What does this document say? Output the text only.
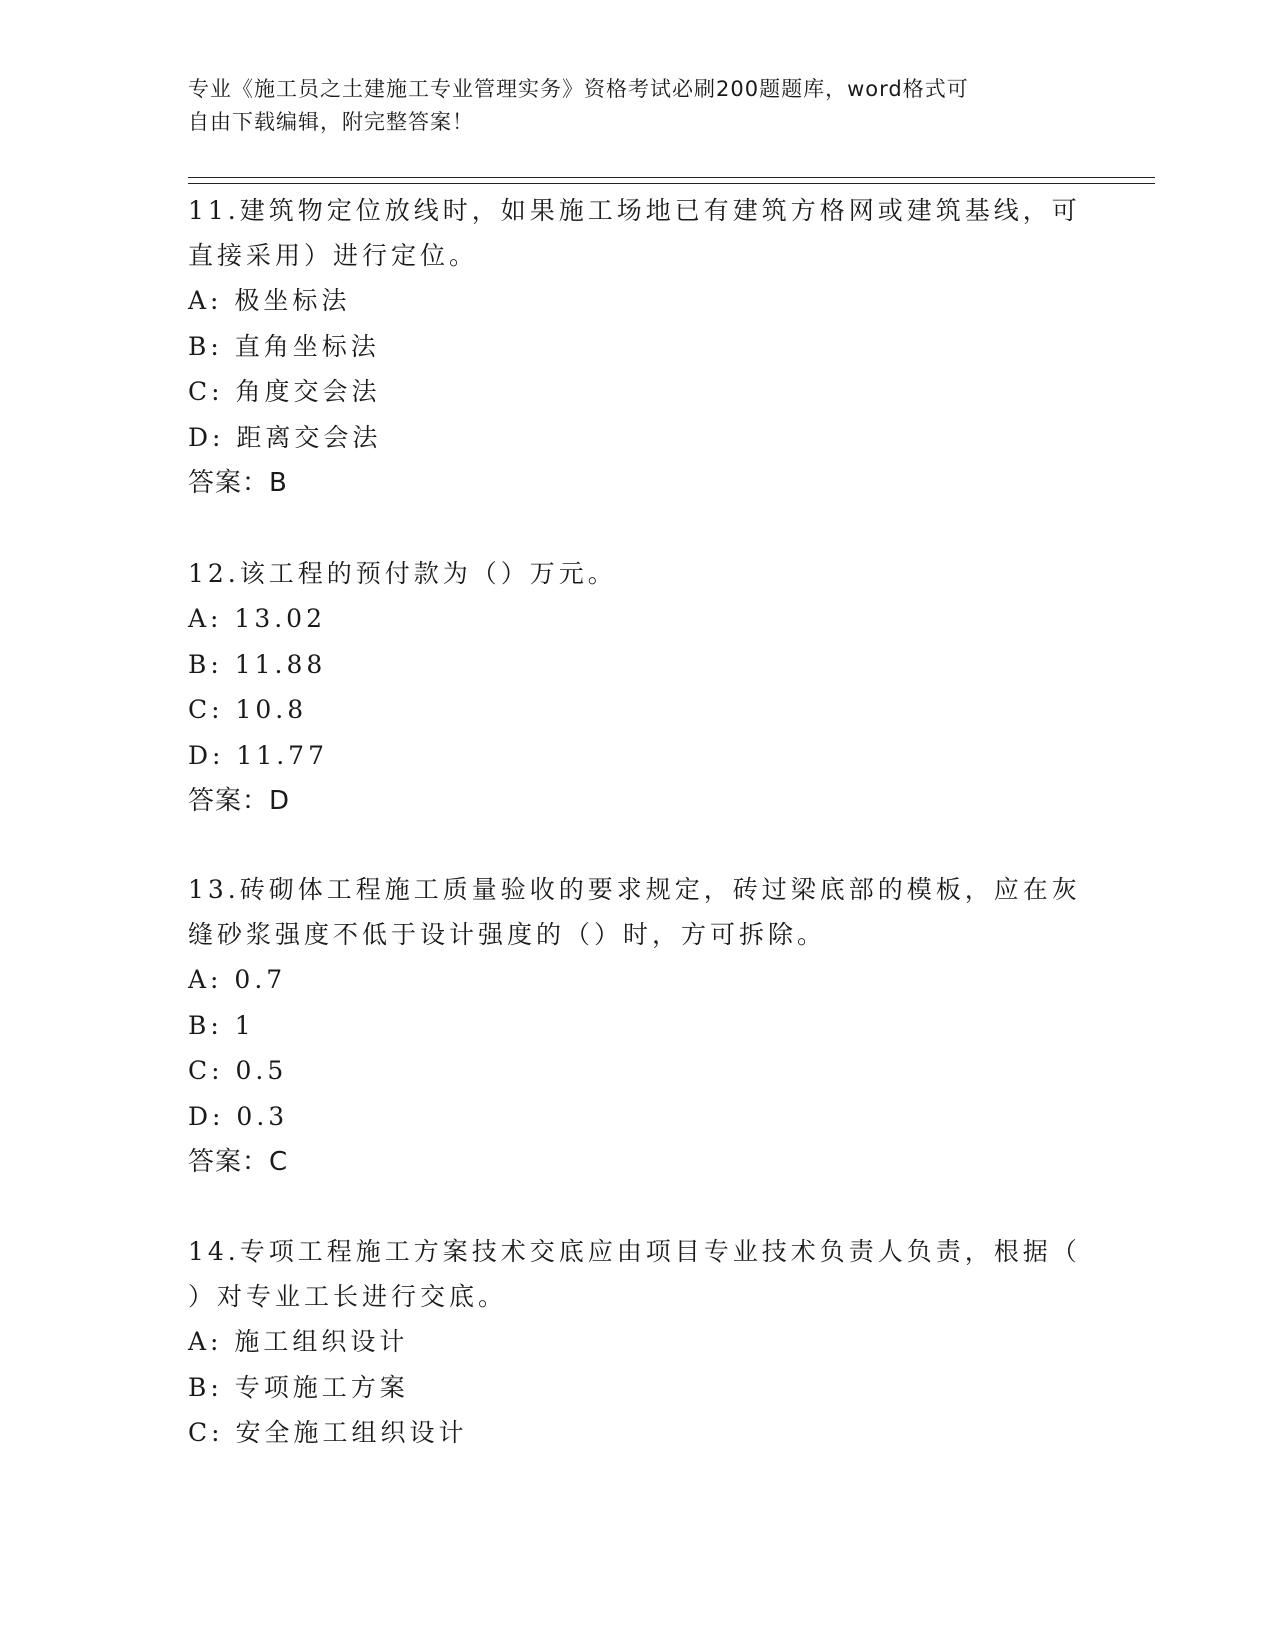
专业《施工员之土建施工专业管理实务》资格考试必刷200题题库，word格式可
自由下载编辑，附完整答案！
11.建筑物定位放线时，如果施工场地已有建筑方格网或建筑基线，可
直接采用）进行定位。
A: 极坐标法
B: 直角坐标法
C: 角度交会法
D: 距离交会法
答案：B
12.该工程的预付款为（）万元。
A: 13.02
B: 11.88
C: 10.8
D: 11.77
答案：D
13.砖砌体工程施工质量验收的要求规定，砖过梁底部的模板，应在灰
缝砂浆强度不低于设计强度的（）时，方可拆除。
A: 0.7
B: 1
C: 0.5
D: 0.3
答案：C
14.专项工程施工方案技术交底应由项目专业技术负责人负责，根据（
）对专业工长进行交底。
A: 施工组织设计
B: 专项施工方案
C: 安全施工组织设计
